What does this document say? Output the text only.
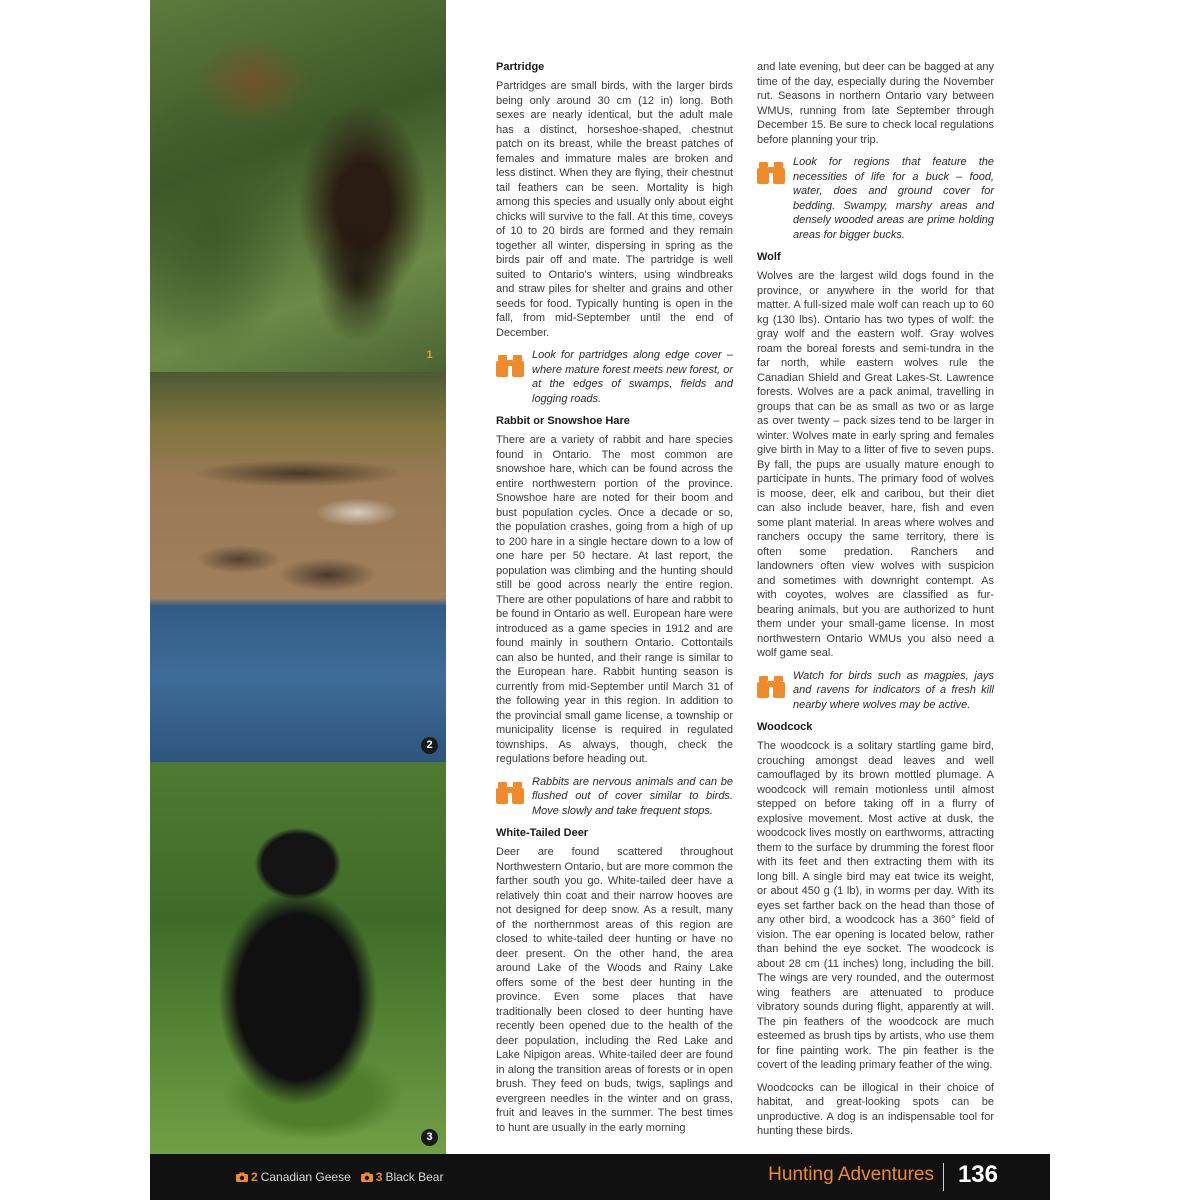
1
2
3
Partridge

Partridges are small birds, with the larger birds being only around 30 cm (12 in) long. Both sexes are nearly identical, but the adult male has a distinct, horseshoe-shaped, chestnut patch on its breast, while the breast patches of females and immature males are broken and less distinct. When they are flying, their chestnut tail feathers can be seen. Mortality is high among this species and usually only about eight chicks will survive to the fall. At this time, coveys of 10 to 20 birds are formed and they remain together all winter, dispersing in spring as the birds pair off and mate. The partridge is well suited to Ontario's winters, using windbreaks and straw piles for shelter and grains and other seeds for food. Typically hunting is open in the fall, from mid-September until the end of December.

Look for partridges along edge cover – where mature forest meets new forest, or at the edges of swamps, fields and logging roads.
Rabbit or Snowshoe Hare

There are a variety of rabbit and hare species found in Ontario. The most common are snowshoe hare, which can be found across the entire northwestern portion of the province. Snowshoe hare are noted for their boom and bust population cycles. Once a decade or so, the population crashes, going from a high of up to 200 hare in a single hectare down to a low of one hare per 50 hectare. At last report, the population was climbing and the hunting should still be good across nearly the entire region. There are other populations of hare and rabbit to be found in Ontario as well. European hare were introduced as a game species in 1912 and are found mainly in southern Ontario. Cottontails can also be hunted, and their range is similar to the European hare. Rabbit hunting season is currently from mid-September until March 31 of the following year in this region. In addition to the provincial small game license, a township or municipality license is required in regulated townships. As always, though, check the regulations before heading out.

Rabbits are nervous animals and can be flushed out of cover similar to birds. Move slowly and take frequent stops.
White-Tailed Deer

Deer are found scattered throughout Northwestern Ontario, but are more common the farther south you go. White-tailed deer have a relatively thin coat and their narrow hooves are not designed for deep snow. As a result, many of the northernmost areas of this region are closed to white-tailed deer hunting or have no deer present. On the other hand, the area around Lake of the Woods and Rainy Lake offers some of the best deer hunting in the province. Even some places that have traditionally been closed to deer hunting have recently been opened due to the health of the deer population, including the Red Lake and Lake Nipigon areas. White-tailed deer are found in along the transition areas of forests or in open brush. They feed on buds, twigs, saplings and evergreen needles in the winter and on grass, fruit and leaves in the summer. The best times to hunt are usually in the early morning

and late evening, but deer can be bagged at any time of the day, especially during the November rut. Seasons in northern Ontario vary between WMUs, running from late September through December 15. Be sure to check local regulations before planning your trip.

Look for regions that feature the necessities of life for a buck – food, water, does and ground cover for bedding. Swampy, marshy areas and densely wooded areas are prime holding areas for bigger bucks.
Wolf

Wolves are the largest wild dogs found in the province, or anywhere in the world for that matter. A full-sized male wolf can reach up to 60 kg (130 lbs). Ontario has two types of wolf: the gray wolf and the eastern wolf. Gray wolves roam the boreal forests and semi-tundra in the far north, while eastern wolves rule the Canadian Shield and Great Lakes-St. Lawrence forests. Wolves are a pack animal, travelling in groups that can be as small as two or as large as over twenty – pack sizes tend to be larger in winter. Wolves mate in early spring and females give birth in May to a litter of five to seven pups. By fall, the pups are usually mature enough to participate in hunts. The primary food of wolves is moose, deer, elk and caribou, but their diet can also include beaver, hare, fish and even some plant material. In areas where wolves and ranchers occupy the same territory, there is often some predation. Ranchers and landowners often view wolves with suspicion and sometimes with downright contempt. As with coyotes, wolves are classified as fur-bearing animals, but you are authorized to hunt them under your small-game license. In most northwestern Ontario WMUs you also need a wolf game seal.

Watch for birds such as magpies, jays and ravens for indicators of a fresh kill nearby where wolves may be active.
Woodcock

The woodcock is a solitary startling game bird, crouching amongst dead leaves and well camouflaged by its brown mottled plumage. A woodcock will remain motionless until almost stepped on before taking off in a flurry of explosive movement. Most active at dusk, the woodcock lives mostly on earthworms, attracting them to the surface by drumming the forest floor with its feet and then extracting them with its long bill. A single bird may eat twice its weight, or about 450 g (1 lb), in worms per day. With its eyes set farther back on the head than those of any other bird, a woodcock has a 360° field of vision. The ear opening is located below, rather than behind the eye socket. The woodcock is about 28 cm (11 inches) long, including the bill. The wings are very rounded, and the outermost wing feathers are attenuated to produce vibratory sounds during flight, apparently at will. The pin feathers of the woodcock are much esteemed as brush tips by artists, who use them for fine painting work. The pin feather is the covert of the leading primary feather of the wing.

Woodcocks can be illogical in their choice of habitat, and great-looking spots can be unproductive. A dog is an indispensable tool for hunting these birds.

2 Canadian Geese 3 Black Bear	Hunting Adventures 136
